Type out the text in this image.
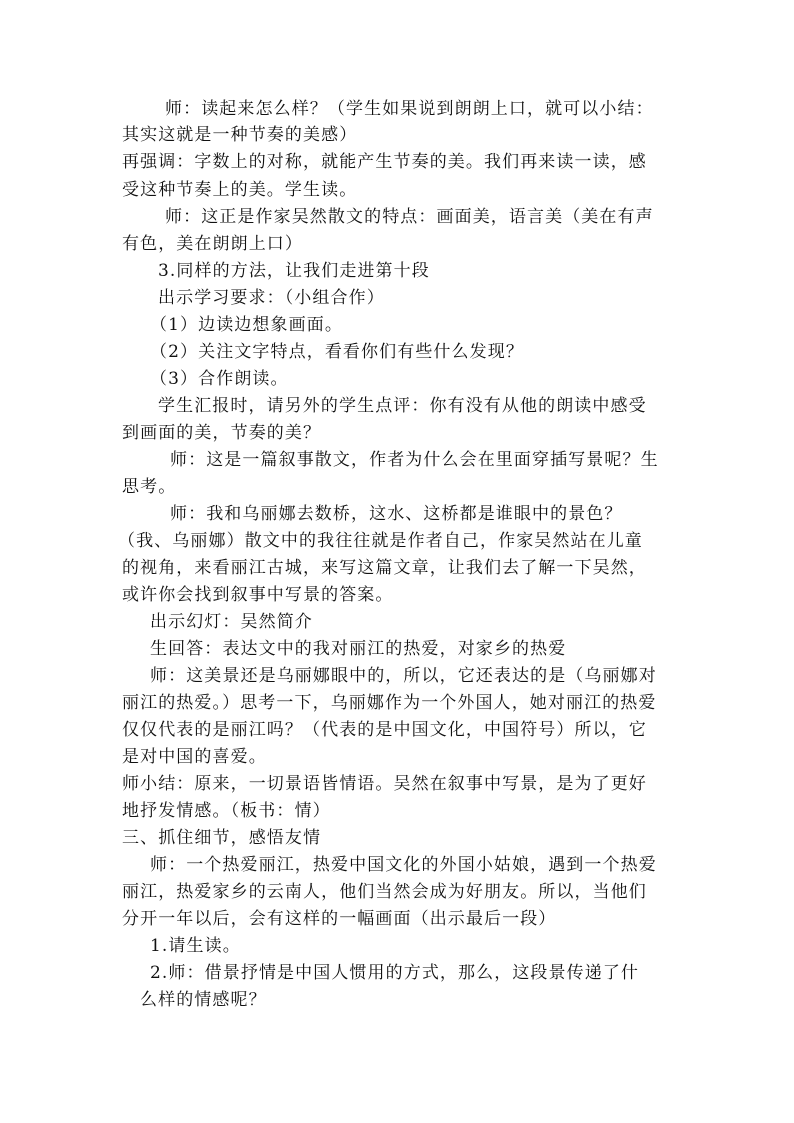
师：读起来怎么样？（学生如果说到朗朗上口，就可以小结：
其实这就是一种节奏的美感）
再强调：字数上的对称，就能产生节奏的美。我们再来读一读，感
受这种节奏上的美。学生读。
师：这正是作家吴然散文的特点：画面美，语言美（美在有声
有色，美在朗朗上口）
3.同样的方法，让我们走进第十段
出示学习要求：（小组合作）
（1）边读边想象画面。
（2）关注文字特点，看看你们有些什么发现？
（3）合作朗读。
学生汇报时，请另外的学生点评：你有没有从他的朗读中感受
到画面的美，节奏的美？
师：这是一篇叙事散文，作者为什么会在里面穿插写景呢？生
思考。
师：我和乌丽娜去数桥，这水、这桥都是谁眼中的景色？
（我、乌丽娜）散文中的我往往就是作者自己，作家吴然站在儿童
的视角，来看丽江古城，来写这篇文章，让我们去了解一下吴然，
或许你会找到叙事中写景的答案。
出示幻灯：吴然简介
生回答：表达文中的我对丽江的热爱，对家乡的热爱
师：这美景还是乌丽娜眼中的，所以，它还表达的是（乌丽娜对
丽江的热爱。）思考一下，乌丽娜作为一个外国人，她对丽江的热爱
仅仅代表的是丽江吗？（代表的是中国文化，中国符号）所以，它
是对中国的喜爱。
师小结：原来，一切景语皆情语。吴然在叙事中写景，是为了更好
地抒发情感。（板书：情）
三、抓住细节，感悟友情
师：一个热爱丽江，热爱中国文化的外国小姑娘，遇到一个热爱
丽江，热爱家乡的云南人，他们当然会成为好朋友。所以，当他们
分开一年以后，会有这样的一幅画面（出示最后一段）
1.请生读。
2.师：借景抒情是中国人惯用的方式，那么，这段景传递了什
么样的情感呢？
